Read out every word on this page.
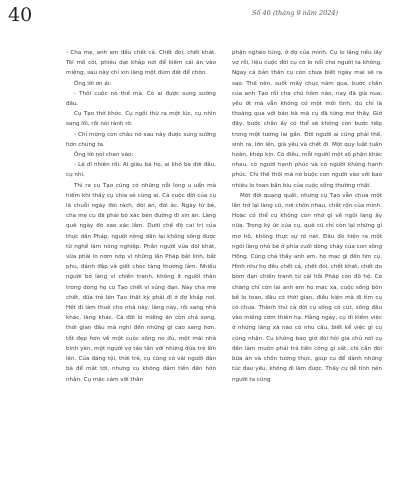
40	Số 40 (tháng 9 năm 2024)

- Cha mẹ, anh em đều chết cả. Chết đói, chết khát. Tôi mồ côi, phiêu dạt khắp nơi để kiếm cái ăn vào miệng, sau này chỉ xin làng một dúm đất để chôn.

Ông lời ơn ái:

- Thôi cuộc nó thế mà. Có ai được sung sướng đâu.

Cụ Tạo thở khóc. Cụ ngồi thừ ra một lúc, cụ nhìn sang lối, rồi nói rành rõ:

- Chỉ mong con cháu nó sau này được sung sướng hơn chúng ta.

Ông lời nói chen vào:

- Lệ dĩ nhiên rồi. Ai giàu ba họ, ai khó ba đời đâu, cụ nhỉ.

Thì ra cụ Tạo cũng có những nỗi lòng u uẩn mà hiếm khi thấy cụ chia sẻ cùng ai. Cả cuộc đời của cụ là chuỗi ngày đói rách, đói ăn, đói ác. Ngày từ bé, cha mẹ cụ đã phải bỏ xác bên đường đi xin ăn. Làng quê ngày đó xao xác lắm. Dưới chế độ cai trị của thực dân Pháp, người nông dân lại không sống được từ nghề làm nông nghiệp. Phần người vừa đói khát, vừa phải lo nơm nớp vì những lần Pháp bắt lính, bắt phu, đánh đập và giết chóc tàng thương lắm. Nhiều người bỏ làng vì chiến tranh, không ít người thân trong dòng họ cụ Tạo chết vì súng đạn. Nay cha mẹ chết, đứa trẻ lên Tạo thất kỳ phải đi ở đợ khắp nơi. Hết đi làm thuê cho nhà này, làng này, rồi sang nhà khác, làng khác. Cả đời lo miếng ăn còn chả xong, thời gian đâu mà nghĩ đến những gì cao sang hơn, tốt đẹp hơn về một cuộc sống no đủ, một mái nhà bình yên, một người vợ tảo tần với những đứa trẻ lớn lên. Của đáng tội, thời trẻ, cụ cũng có vài người đàn bà để mắt tới, nhưng cụ không dám tiến đến hôn nhân. Cụ mặc cảm với thân

phận nghèo túng, ở đợ của mình. Cụ lo lắng nếu lấy vợ rồi, liệu cuộc đời cụ có lo nổi cho người ta không. Ngay cả bản thân cụ còn chưa biết ngày mai sẽ ra sao. Thế nên, suốt mấy chục năm qua, bước chân của anh Tạo rồi cha chú hôm nào, nay đã già nua, yếu ớt mà vẫn không có một mối tình, dù chỉ là thoáng qua với bản bà mà cụ đã từng mơ thấy. Giờ đây, bước chân ấy có thể sẽ không còn bước tiếp trong một tương lai gần. Đời người ai cũng phải thế, sinh ra, lớn lên, già yếu và chết đi. Một quy luật tuần hoàn, khép kín. Có điều, mỗi người một số phận khác nhau, có người hạnh phúc và có người không hạnh phúc. Chỉ thế thôi mà nó buộc con người vào với bao nhiêu lo toan bận bịu của cuộc sống thường nhật.

Một đời quạng quất, nhưng cụ Tạo vẫn chưa một lần trở lại làng cũ, nơi chôn nhau, chất rốn của mình. Hoặc có thể cụ không còn nhớ gì về ngôi làng ấy nữa. Trong ký ức của cụ, quê cũ chỉ còn lại những gì mơ hồ, không thực sự rõ nét. Đâu đó hiện ra một ngôi làng nhỏ bé ở phía cuối dòng chảy của con sông Hồng. Cũng chả thấy anh em, họ mạc gì đến tìm cụ. Hình như họ đều chết cả, chết đói, chết khát, chết do bom đạn chiến tranh từ cái hồi Pháp còn đô hộ. Có chăng chỉ còn lại anh em họ mạc xa, cuộc sống bôn bề lo toan, đâu có thời gian, điều kiện mà đi tìm cụ có chưa. Thành thử cả đời cụ sống cô cút, sống đâu vào miếng cơm thiên hạ. Hằng ngày, cụ đi kiếm việc ở những làng xã nào có nhu cầu, biết kể việc gì cụ cũng nhận. Cụ không bao giờ đòi hỏi gia chủ nơi cụ đến làm muôn phải trả tiền công gì sất, chỉ cần đòi bữa ăn và chốn tương thực, giúp cụ để dành những túc đau yếu, không đi làm được. Thấy cụ dễ tính nên người ta cũng
